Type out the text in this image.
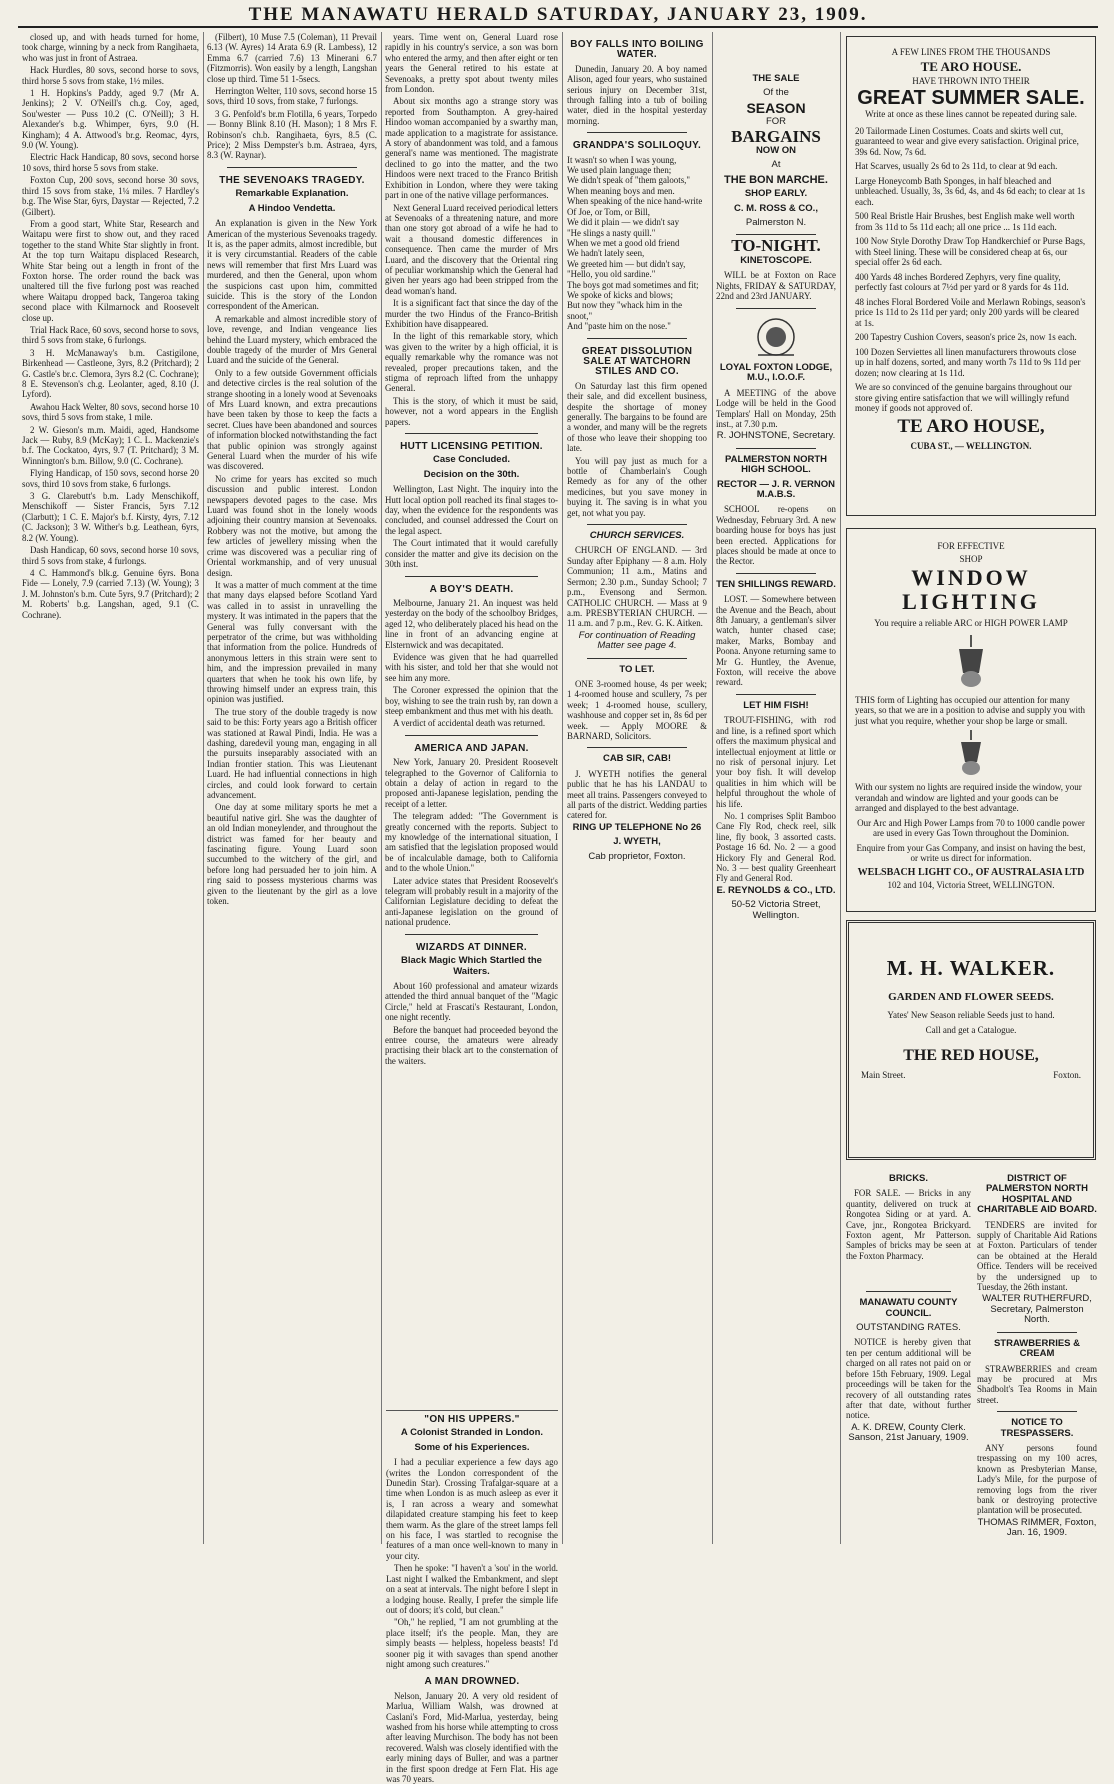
THE MANAWATU HERALD SATURDAY, JANUARY 23, 1909.

closed up, and with heads turned for home, took charge, winning by a neck from Rangihaeta, who was just in front of Astraea.

Hack Hurdles, 80 sovs, second horse to sovs, third horse 5 sovs from stake, 1½ miles.

1 H. Hopkins's Paddy, aged 9.7 (Mr A. Jenkins); 2 V. O'Neill's ch.g. Coy, aged, Sou'wester — Puss 10.2 (C. O'Neill); 3 H. Alexander's b.g. Whimper, 6yrs, 9.0 (H. Kingham); 4 A. Attwood's br.g. Reomac, 4yrs, 9.0 (W. Young).

Electric Hack Handicap, 80 sovs, second horse 10 sovs, third horse 5 sovs from stake.

Foxton Cup, 200 sovs, second horse 30 sovs, third 15 sovs from stake, 1¼ miles. 7 Hardley's b.g. The Wise Star, 6yrs, Daystar — Rejected, 7.2 (Gilbert).

From a good start, White Star, Research and Waitapu were first to show out, and they raced together to the stand White Star slightly in front. At the top turn Waitapu displaced Research, White Star being out a length in front of the Foxton horse. The order round the back was unaltered till the five furlong post was reached where Waitapu dropped back, Tangeroa taking second place with Kilmarnock and Roosevelt close up.

Trial Hack Race, 60 sovs, second horse to sovs, third 5 sovs from stake, 6 furlongs.

3 H. McManaway's b.m. Castigilone, Birkenhead — Castleone, 3yrs, 8.2 (Pritchard); 2 G. Castle's br.c. Clemora, 3yrs 8.2 (C. Cochrane); 8 E. Stevenson's ch.g. Leolanter, aged, 8.10 (J. Lyford).

Awahou Hack Welter, 80 sovs, second horse 10 sovs, third 5 sovs from stake, 1 mile.

2 W. Gieson's m.m. Maidi, aged, Handsome Jack — Ruby, 8.9 (McKay); 1 C. L. Mackenzie's b.f. The Cockatoo, 4yrs, 9.7 (T. Pritchard); 3 M. Winnington's b.m. Billow, 9.0 (C. Cochrane).

Flying Handicap, of 150 sovs, second horse 20 sovs, third 10 sovs from stake, 6 furlongs.

3 G. Clarebutt's b.m. Lady Menschikoff, Menschikoff — Sister Francis, 5yrs 7.12 (Clarbutt); 1 C. E. Major's b.f. Kirsty, 4yrs, 7.12 (C. Jackson); 3 W. Wither's b.g. Leathean, 6yrs, 8.2 (W. Young).

Dash Handicap, 60 sovs, second horse 10 sovs, third 5 sovs from stake, 4 furlongs.

4 C. Hammond's blk.g. Genuine 6yrs. Bona Fide — Lonely, 7.9 (carried 7.13) (W. Young); 3 J. M. Johnston's b.m. Cute 5yrs, 9.7 (Pritchard); 2 M. Roberts' b.g. Langshan, aged, 9.1 (C. Cochrane).

(Filbert), 10 Muse 7.5 (Coleman), 11 Prevail 6.13 (W. Ayres) 14 Arata 6.9 (R. Lambess), 12 Emma 6.7 (carried 7.6) 13 Minerani 6.7 (Fitzmorris). Won easily by a length, Langshan close up third. Time 51 1-5secs.

Herrington Welter, 110 sovs, second horse 15 sovs, third 10 sovs, from stake, 7 furlongs.

3 G. Penfold's br.m Flotilla, 6 years, Torpedo — Bonny Blink 8.10 (H. Mason); 1 8 Mrs F. Robinson's ch.b. Rangihaeta, 6yrs, 8.5 (C. Price); 2 Miss Dempster's b.m. Astraea, 4yrs, 8.3 (W. Raynar).

THE SEVENOAKS TRAGEDY.

Remarkable Explanation.

A Hindoo Vendetta.

An explanation is given in the New York American of the mysterious Sevenoaks tragedy. It is, as the paper admits, almost incredible, but it is very circumstantial. Readers of the cable news will remember that first Mrs Luard was murdered, and then the General, upon whom the suspicions cast upon him, committed suicide. This is the story of the London correspondent of the American.

A remarkable and almost incredible story of love, revenge, and Indian vengeance lies behind the Luard mystery, which embraced the double tragedy of the murder of Mrs General Luard and the suicide of the General.

Only to a few outside Government officials and detective circles is the real solution of the strange shooting in a lonely wood at Sevenoaks of Mrs Luard known, and extra precautions have been taken by those to keep the facts a secret. Clues have been abandoned and sources of information blocked notwithstanding the fact that public opinion was strongly against General Luard when the murder of his wife was discovered.

No crime for years has excited so much discussion and public interest. London newspapers devoted pages to the case. Mrs Luard was found shot in the lonely woods adjoining their country mansion at Sevenoaks. Robbery was not the motive, but among the few articles of jewellery missing when the crime was discovered was a peculiar ring of Oriental workmanship, and of very unusual design.

It was a matter of much comment at the time that many days elapsed before Scotland Yard was called in to assist in unravelling the mystery. It was intimated in the papers that the General was fully conversant with the perpetrator of the crime, but was withholding that information from the police. Hundreds of anonymous letters in this strain were sent to him, and the impression prevailed in many quarters that when he took his own life, by throwing himself under an express train, this opinion was justified.

The true story of the double tragedy is now said to be this: Forty years ago a British officer was stationed at Rawal Pindi, India. He was a dashing, daredevil young man, engaging in all the pursuits inseparably associated with an Indian frontier station. This was Lieutenant Luard. He had influential connections in high circles, and could look forward to certain advancement.

One day at some military sports he met a beautiful native girl. She was the daughter of an old Indian moneylender, and throughout the district was famed for her beauty and fascinating figure. Young Luard soon succumbed to the witchery of the girl, and before long had persuaded her to join him. A ring said to possess mysterious charms was given to the lieutenant by the girl as a love token.

years. Time went on, General Luard rose rapidly in his country's service, a son was born who entered the army, and then after eight or ten years the General retired to his estate at Sevenoaks, a pretty spot about twenty miles from London.

About six months ago a strange story was reported from Southampton. A grey-haired Hindoo woman accompanied by a swarthy man, made application to a magistrate for assistance. A story of abandonment was told, and a famous general's name was mentioned. The magistrate declined to go into the matter, and the two Hindoos were next traced to the Franco British Exhibition in London, where they were taking part in one of the native village performances.

Next General Luard received periodical letters at Sevenoaks of a threatening nature, and more than one story got abroad of a wife he had to wait a thousand domestic differences in consequence. Then came the murder of Mrs Luard, and the discovery that the Oriental ring of peculiar workmanship which the General had given her years ago had been stripped from the dead woman's hand.

It is a significant fact that since the day of the murder the two Hindus of the Franco-British Exhibition have disappeared.

In the light of this remarkable story, which was given to the writer by a high official, it is equally remarkable why the romance was not revealed, proper precautions taken, and the stigma of reproach lifted from the unhappy General.

This is the story, of which it must be said, however, not a word appears in the English papers.

HUTT LICENSING PETITION.

Case Concluded.

Decision on the 30th.

Wellington, Last Night. The inquiry into the Hutt local option poll reached its final stages to-day, when the evidence for the respondents was concluded, and counsel addressed the Court on the legal aspect.

The Court intimated that it would carefully consider the matter and give its decision on the 30th inst.

A BOY'S DEATH.

Melbourne, January 21. An inquest was held yesterday on the body of the schoolboy Bridges, aged 12, who deliberately placed his head on the line in front of an advancing engine at Elsternwick and was decapitated.

Evidence was given that he had quarrelled with his sister, and told her that she would not see him any more.

The Coroner expressed the opinion that the boy, wishing to see the train rush by, ran down a steep embankment and thus met with his death.

A verdict of accidental death was returned.

AMERICA AND JAPAN.

New York, January 20. President Roosevelt telegraphed to the Governor of California to obtain a delay of action in regard to the proposed anti-Japanese legislation, pending the receipt of a letter.

The telegram added: "The Government is greatly concerned with the reports. Subject to my knowledge of the international situation, I am satisfied that the legislation proposed would be of incalculable damage, both to California and to the whole Union."

Later advice states that President Roosevelt's telegram will probably result in a majority of the Californian Legislature deciding to defeat the anti-Japanese legislation on the ground of national prudence.

WIZARDS AT DINNER.

Black Magic Which Startled the Waiters.

About 160 professional and amateur wizards attended the third annual banquet of the "Magic Circle," held at Frascati's Restaurant, London, one night recently.

Before the banquet had proceeded beyond the entree course, the amateurs were already practising their black art to the consternation of the waiters.

BOY FALLS INTO BOILING WATER.

Dunedin, January 20. A boy named Alison, aged four years, who sustained serious injury on December 31st, through falling into a tub of boiling water, died in the hospital yesterday morning.

GRANDPA'S SOLILOQUY.

It wasn't so when I was young,

We used plain language then;

We didn't speak of "them galoots,"

When meaning boys and men.

When speaking of the nice hand-write

Of Joe, or Tom, or Bill,

We did it plain — we didn't say

"He slings a nasty quill."

When we met a good old friend

We hadn't lately seen,

We greeted him — but didn't say,

"Hello, you old sardine."

The boys got mad sometimes and fit;

We spoke of kicks and blows;

But now they "whack him in the snoot,"

And "paste him on the nose."

GREAT DISSOLUTION SALE AT WATCHORN STILES AND CO.

On Saturday last this firm opened their sale, and did excellent business, despite the shortage of money generally. The bargains to be found are a wonder, and many will be the regrets of those who leave their shopping too late.

You will pay just as much for a bottle of Chamberlain's Cough Remedy as for any of the other medicines, but you save money in buying it. The saving is in what you get, not what you pay.

CHURCH SERVICES.

CHURCH OF ENGLAND. — 3rd Sunday after Epiphany — 8 a.m. Holy Communion; 11 a.m., Matins and Sermon; 2.30 p.m., Sunday School; 7 p.m., Evensong and Sermon. CATHOLIC CHURCH. — Mass at 9 a.m. PRESBYTERIAN CHURCH. — 11 a.m. and 7 p.m., Rev. G. K. Aitken.

For continuation of Reading Matter see page 4.

TO LET.

ONE 3-roomed house, 4s per week; 1 4-roomed house and scullery, 7s per week; 1 4-roomed house, scullery, washhouse and copper set in, 8s 6d per week. — Apply MOORE & BARNARD, Solicitors.

CAB SIR, CAB!

J. WYETH notifies the general public that he has his LANDAU to meet all trains. Passengers conveyed to all parts of the district. Wedding parties catered for.

RING UP TELEPHONE No 26

J. WYETH,

Cab proprietor, Foxton.

THE SALE

Of the

SEASON

FOR

BARGAINS

NOW ON

At

THE BON MARCHE.

SHOP EARLY.

C. M. ROSS & CO.,

Palmerston N.

TO-NIGHT.

KINETOSCOPE.

WILL be at Foxton on Race Nights, FRIDAY & SATURDAY, 22nd and 23rd JANUARY.

LOYAL FOXTON LODGE, M.U., I.O.O.F.

A MEETING of the above Lodge will be held in the Good Templars' Hall on Monday, 25th inst., at 7.30 p.m.

R. JOHNSTONE, Secretary.

PALMERSTON NORTH HIGH SCHOOL.

RECTOR — J. R. VERNON M.A.B.S.

SCHOOL re-opens on Wednesday, February 3rd. A new boarding house for boys has just been erected. Applications for places should be made at once to the Rector.

TEN SHILLINGS REWARD.

LOST. — Somewhere between the Avenue and the Beach, about 8th January, a gentleman's silver watch, hunter chased case; maker, Marks, Bombay and Poona. Anyone returning same to Mr G. Huntley, the Avenue, Foxton, will receive the above reward.

LET HIM FISH!

TROUT-FISHING, with rod and line, is a refined sport which offers the maximum physical and intellectual enjoyment at little or no risk of personal injury. Let your boy fish. It will develop qualities in him which will be helpful throughout the whole of his life.

No. 1 comprises Split Bamboo Cane Fly Rod, check reel, silk line, fly book, 3 assorted casts. Postage 16 6d. No. 2 — a good Hickory Fly and General Rod. No. 3 — best quality Greenheart Fly and General Rod.

E. REYNOLDS & CO., LTD.

50-52 Victoria Street, Wellington.

A FEW LINES FROM THE THOUSANDS

TE ARO HOUSE.

HAVE THROWN INTO THEIR

GREAT SUMMER SALE.

Write at once as these lines cannot be repeated during sale.

20 Tailormade Linen Costumes. Coats and skirts well cut, guaranteed to wear and give every satisfaction. Original price, 39s 6d. Now, 7s 6d.

Hat Scarves, usually 2s 6d to 2s 11d, to clear at 9d each.

Large Honeycomb Bath Sponges, in half bleached and unbleached. Usually, 3s, 3s 6d, 4s, and 4s 6d each; to clear at 1s each.

500 Real Bristle Hair Brushes, best English make well worth from 3s 11d to 5s 11d each; all one price ... 1s 11d each.

100 Now Style Dorothy Draw Top Handkerchief or Purse Bags, with Steel lining. These will be considered cheap at 6s, our special offer 2s 6d each.

400 Yards 48 inches Bordered Zephyrs, very fine quality, perfectly fast colours at 7½d per yard or 8 yards for 4s 11d.

48 inches Floral Bordered Voile and Merlawn Robings, season's price 1s 11d to 2s 11d per yard; only 200 yards will be cleared at 1s.

200 Tapestry Cushion Covers, season's price 2s, now 1s each.

100 Dozen Serviettes all linen manufacturers throwouts close up in half dozens, sorted, and many worth 7s 11d to 9s 11d per dozen; now clearing at 1s 11d.

We are so convinced of the genuine bargains throughout our store giving entire satisfaction that we will willingly refund money if goods not approved of.

TE ARO HOUSE,

CUBA ST., — WELLINGTON.

FOR EFFECTIVE

SHOP

WINDOW

LIGHTING

You require a reliable ARC or HIGH POWER LAMP

THIS form of Lighting has occupied our attention for many years, so that we are in a position to advise and supply you with just what you require, whether your shop be large or small.

With our system no lights are required inside the window, your verandah and window are lighted and your goods can be arranged and displayed to the best advantage.

Our Arc and High Power Lamps from 70 to 1000 candle power are used in every Gas Town throughout the Dominion.

Enquire from your Gas Company, and insist on having the best, or write us direct for information.

WELSBACH LIGHT CO., OF AUSTRALASIA LTD

102 and 104, Victoria Street, WELLINGTON.

M. H. WALKER.

GARDEN AND FLOWER SEEDS.

Yates' New Season reliable Seeds just to hand.

Call and get a Catalogue.

THE RED HOUSE,

Main Street.	Foxton.

BRICKS.

FOR SALE. — Bricks in any quantity, delivered on truck at Rongotea Siding or at yard. A. Cave, jnr., Rongotea Brickyard. Foxton agent, Mr Patterson. Samples of bricks may be seen at the Foxton Pharmacy.

MANAWATU COUNTY COUNCIL.

OUTSTANDING RATES.

NOTICE is hereby given that ten per centum additional will be charged on all rates not paid on or before 15th February, 1909. Legal proceedings will be taken for the recovery of all outstanding rates after that date, without further notice.

A. K. DREW, County Clerk. Sanson, 21st January, 1909.

DISTRICT OF PALMERSTON NORTH HOSPITAL AND CHARITABLE AID BOARD.

TENDERS are invited for supply of Charitable Aid Rations at Foxton. Particulars of tender can be obtained at the Herald Office. Tenders will be received by the undersigned up to Tuesday, the 26th instant.

WALTER RUTHERFURD, Secretary, Palmerston North.

STRAWBERRIES & CREAM

STRAWBERRIES and cream may be procured at Mrs Shadbolt's Tea Rooms in Main street.

NOTICE TO TRESPASSERS.

ANY persons found trespassing on my 100 acres, known as Presbyterian Manse, Lady's Mile, for the purpose of removing logs from the river bank or destroying protective plantation will be prosecuted.

THOMAS RIMMER, Foxton, Jan. 16, 1909.

"ON HIS UPPERS."

A Colonist Stranded in London.

Some of his Experiences.

I had a peculiar experience a few days ago (writes the London correspondent of the Dunedin Star). Crossing Trafalgar-square at a time when London is as much asleep as ever it is, I ran across a weary and somewhat dilapidated creature stamping his feet to keep them warm. As the glare of the street lamps fell on his face, I was startled to recognise the features of a man once well-known to many in your city.

Then he spoke: "I haven't a 'sou' in the world. Last night I walked the Embankment, and slept on a seat at intervals. The night before I slept in a lodging house. Really, I prefer the simple life out of doors; it's cold, but clean."

"Oh," he replied, "I am not grumbling at the place itself; it's the people. Man, they are simply beasts — helpless, hopeless beasts! I'd sooner pig it with savages than spend another night among such creatures."

A MAN DROWNED.

Nelson, January 20. A very old resident of Marlua, William Walsh, was drowned at Caslani's Ford, Mid-Marlua, yesterday, being washed from his horse while attempting to cross after leaving Murchison. The body has not been recovered. Walsh was closely identified with the early mining days of Buller, and was a partner in the first spoon dredge at Fern Flat. His age was 70 years.
